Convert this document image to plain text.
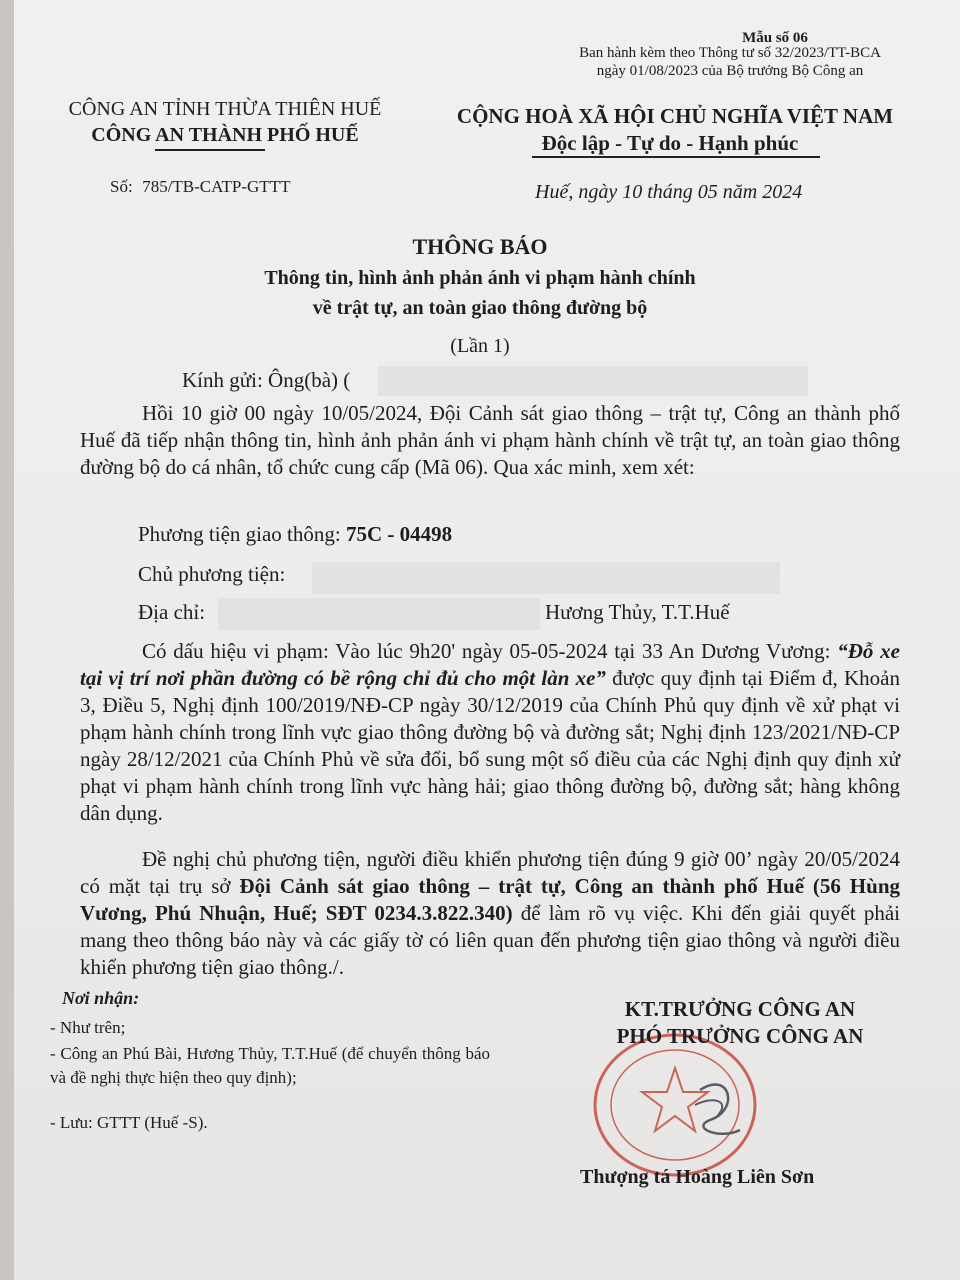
Mẫu số 06
Ban hành kèm theo Thông tư số 32/2023/TT-BCA
ngày 01/08/2023 của Bộ trưởng Bộ Công an
CÔNG AN TỈNH THỪA THIÊN HUẾ
CÔNG AN THÀNH PHỐ HUẾ
CỘNG HOÀ XÃ HỘI CHỦ NGHĨA VIỆT NAM
Độc lập - Tự do - Hạnh phúc
Số: 785/TB-CATP-GTTT	Huế, ngày 10 tháng 05 năm 2024
THÔNG BÁO
Thông tin, hình ảnh phản ánh vi phạm hành chính
về trật tự, an toàn giao thông đường bộ
(Lần 1)
Kính gửi: Ông(bà) (
Hồi 10 giờ 00 ngày 10/05/2024, Đội Cảnh sát giao thông – trật tự, Công an thành phố Huế đã tiếp nhận thông tin, hình ảnh phản ánh vi phạm hành chính về trật tự, an toàn giao thông đường bộ do cá nhân, tổ chức cung cấp (Mã 06). Qua xác minh, xem xét:
Phương tiện giao thông: 75C - 04498
Chủ phương tiện:
Địa chỉ:	Hương Thủy, T.T.Huế
Có dấu hiệu vi phạm: Vào lúc 9h20' ngày 05-05-2024 tại 33 An Dương Vương: “Đỗ xe tại vị trí nơi phần đường có bề rộng chỉ đủ cho một làn xe” được quy định tại Điểm đ, Khoản 3, Điều 5, Nghị định 100/2019/NĐ-CP ngày 30/12/2019 của Chính Phủ quy định về xử phạt vi phạm hành chính trong lĩnh vực giao thông đường bộ và đường sắt; Nghị định 123/2021/NĐ-CP ngày 28/12/2021 của Chính Phủ về sửa đổi, bổ sung một số điều của các Nghị định quy định xử phạt vi phạm hành chính trong lĩnh vực hàng hải; giao thông đường bộ, đường sắt; hàng không dân dụng.
Đề nghị chủ phương tiện, người điều khiển phương tiện đúng 9 giờ 00’ ngày 20/05/2024 có mặt tại trụ sở Đội Cảnh sát giao thông – trật tự, Công an thành phố Huế (56 Hùng Vương, Phú Nhuận, Huế; SĐT 0234.3.822.340) để làm rõ vụ việc. Khi đến giải quyết phải mang theo thông báo này và các giấy tờ có liên quan đến phương tiện giao thông và người điều khiển phương tiện giao thông./.
Nơi nhận:
- Như trên;
- Công an Phú Bài, Hương Thủy, T.T.Huế (để chuyển thông báo và đề nghị thực hiện theo quy định);
- Lưu: GTTT (Huế -S).
KT.TRƯỞNG CÔNG AN
PHÓ TRƯỞNG CÔNG AN
Thượng tá Hoàng Liên Sơn
